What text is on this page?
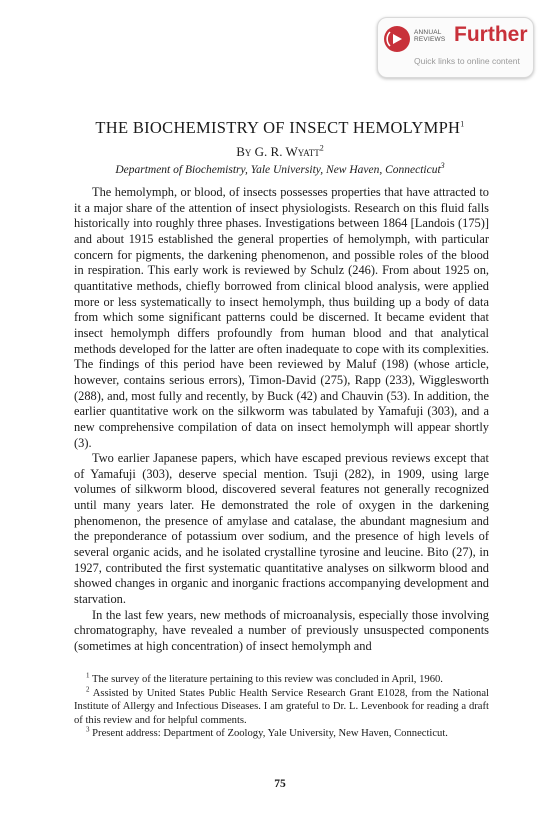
ANNUAL
REVIEWS Further
Quick links to online content
THE BIOCHEMISTRY OF INSECT HEMOLYMPH$^1$
By G. R. Wyatt$^2$
Department of Biochemistry, Yale University, New Haven, Connecticut$^3$

The hemolymph, or blood, of insects possesses properties that have attracted to it a major share of the attention of insect physiologists. Research on this fluid falls historically into roughly three phases. Investigations between 1864 [Landois (175)] and about 1915 established the general properties of hemolymph, with particular concern for pigments, the darkening phenomenon, and possible roles of the blood in respiration. This early work is reviewed by Schulz (246). From about 1925 on, quantitative methods, chiefly borrowed from clinical blood analysis, were applied more or less systematically to insect hemolymph, thus building up a body of data from which some significant patterns could be discerned. It became evident that insect hemolymph differs profoundly from human blood and that analytical methods developed for the latter are often inadequate to cope with its complexities. The findings of this period have been reviewed by Maluf (198) (whose article, however, contains serious errors), Timon-David (275), Rapp (233), Wigglesworth (288), and, most fully and recently, by Buck (42) and Chauvin (53). In addition, the earlier quantitative work on the silkworm was tabulated by Yamafuji (303), and a new comprehensive compilation of data on insect hemolymph will appear shortly (3).

Two earlier Japanese papers, which have escaped previous reviews except that of Yamafuji (303), deserve special mention. Tsuji (282), in 1909, using large volumes of silkworm blood, discovered several features not generally recognized until many years later. He demonstrated the role of oxygen in the darkening phenomenon, the presence of amylase and catalase, the abundant magnesium and the preponderance of potassium over sodium, and the presence of high levels of several organic acids, and he isolated crystalline tyrosine and leucine. Bito (27), in 1927, contributed the first systematic quantitative analyses on silkworm blood and showed changes in organic and inorganic fractions accompanying development and starvation.

In the last few years, new methods of microanalysis, especially those involving chromatography, have revealed a number of previously unsuspected components (sometimes at high concentration) of insect hemolymph and

$^1$ The survey of the literature pertaining to this review was concluded in April, 1960.

$^2$ Assisted by United States Public Health Service Research Grant E1028, from the National Institute of Allergy and Infectious Diseases. I am grateful to Dr. L. Levenbook for reading a draft of this review and for helpful comments.

$^3$ Present address: Department of Zoology, Yale University, New Haven, Connecticut.

75
